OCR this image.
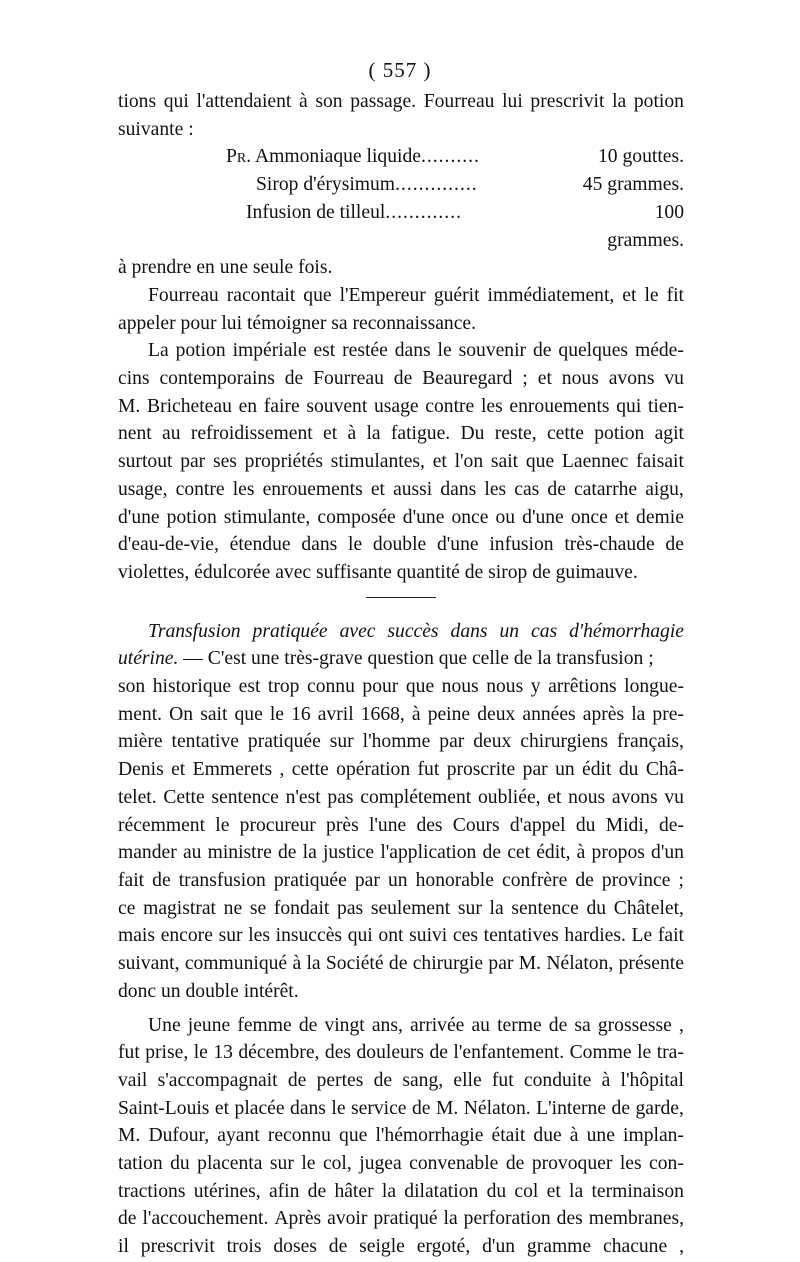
( 557 )
tions qui l'attendaient à son passage. Fourreau lui prescrivit la potion
suivante :
Pr. Ammoniaque liquide ..........	10 gouttes.
Sirop d'érysimum ..............	45 grammes.
Infusion de tilleul .............	100 grammes.
à prendre en une seule fois.
Fourreau racontait que l'Empereur guérit immédiatement, et le fit
appeler pour lui témoigner sa reconnaissance.
La potion impériale est restée dans le souvenir de quelques méde-
cins contemporains de Fourreau de Beauregard ; et nous avons vu
M. Bricheteau en faire souvent usage contre les enrouements qui tien-
nent au refroidissement et à la fatigue. Du reste, cette potion agit
surtout par ses propriétés stimulantes, et l'on sait que Laennec faisait
usage, contre les enrouements et aussi dans les cas de catarrhe aigu,
d'une potion stimulante, composée d'une once ou d'une once et demie
d'eau-de-vie, étendue dans le double d'une infusion très-chaude de
violettes, édulcorée avec suffisante quantité de sirop de guimauve.
Transfusion pratiquée avec succès dans un cas d'hémorrhagie
utérine. — C'est une très-grave question que celle de la transfusion ;
son historique est trop connu pour que nous nous y arrêtions longue-
ment. On sait que le 16 avril 1668, à peine deux années après la pre-
mière tentative pratiquée sur l'homme par deux chirurgiens français,
Denis et Emmerets , cette opération fut proscrite par un édit du Châ-
telet. Cette sentence n'est pas complétement oubliée, et nous avons vu
récemment le procureur près l'une des Cours d'appel du Midi, de-
mander au ministre de la justice l'application de cet édit, à propos d'un
fait de transfusion pratiquée par un honorable confrère de province ;
ce magistrat ne se fondait pas seulement sur la sentence du Châtelet,
mais encore sur les insuccès qui ont suivi ces tentatives hardies. Le fait
suivant, communiqué à la Société de chirurgie par M. Nélaton, présente
donc un double intérêt.
Une jeune femme de vingt ans, arrivée au terme de sa grossesse ,
fut prise, le 13 décembre, des douleurs de l'enfantement. Comme le tra-
vail s'accompagnait de pertes de sang, elle fut conduite à l'hôpital
Saint-Louis et placée dans le service de M. Nélaton. L'interne de garde,
M. Dufour, ayant reconnu que l'hémorrhagie était due à une implan-
tation du placenta sur le col, jugea convenable de provoquer les con-
tractions utérines, afin de hâter la dilatation du col et la terminaison
de l'accouchement. Après avoir pratiqué la perforation des membranes,
il prescrivit trois doses de seigle ergoté, d'un gramme chacune ,
